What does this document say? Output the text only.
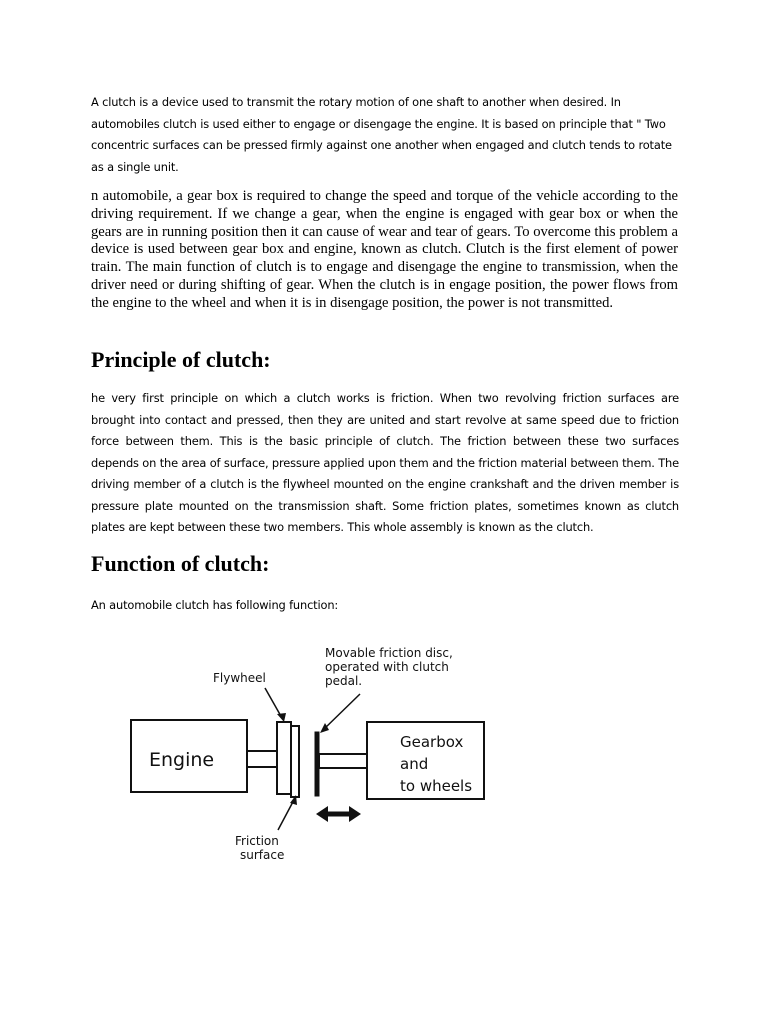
A clutch is a device used to transmit the rotary motion of one shaft to another when desired. In automobiles clutch is used either to engage or disengage the engine. It is based on principle that " Two concentric surfaces can be pressed firmly against one another when engaged and clutch tends to rotate as a single unit.

n automobile, a gear box is required to change the speed and torque of the vehicle according to the driving requirement. If we change a gear, when the engine is engaged with gear box or when the gears are in running position then it can cause of wear and tear of gears. To overcome this problem a device is used between gear box and engine, known as clutch. Clutch is the first element of power train. The main function of clutch is to engage and disengage the engine to transmission, when the driver need or during shifting of gear. When the clutch is in engage position, the power flows from the engine to the wheel and when it is in disengage position, the power is not transmitted.

Principle of clutch:

he very first principle on which a clutch works is friction. When two revolving friction surfaces are brought into contact and pressed, then they are united and start revolve at same speed due to friction force between them. This is the basic principle of clutch. The friction between these two surfaces depends on the area of surface, pressure applied upon them and the friction material between them. The driving member of a clutch is the flywheel mounted on the engine crankshaft and the driven member is pressure plate mounted on the transmission shaft. Some friction plates, sometimes known as clutch plates are kept between these two members. This whole assembly is known as the clutch.

Function of clutch:

An automobile clutch has following function:

Engine
Gearbox and to wheels
Flywheel
Movable friction disc, operated with clutch pedal.
Friction surface
